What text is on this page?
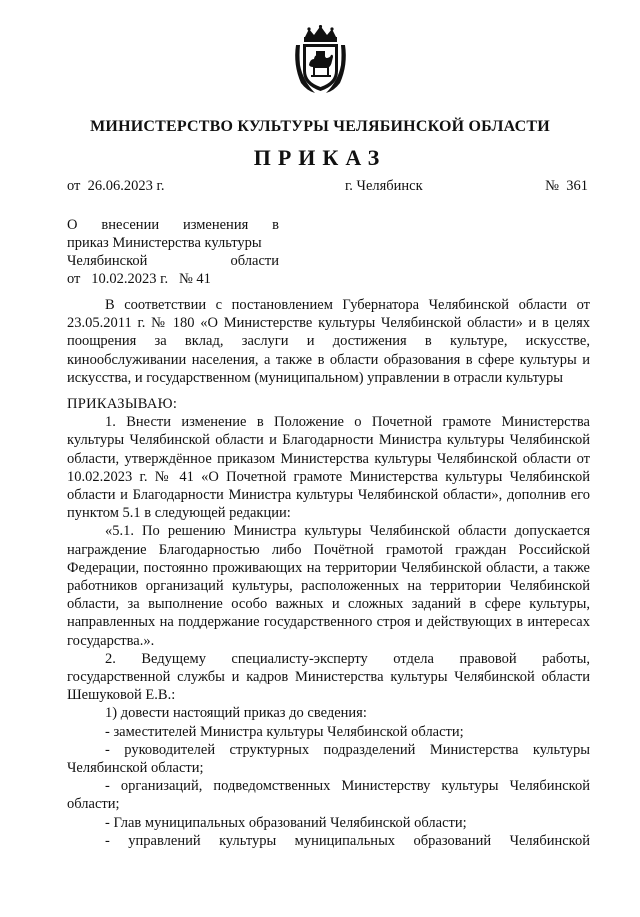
МИНИСТЕРСТВО КУЛЬТУРЫ ЧЕЛЯБИНСКОЙ ОБЛАСТИ
ПРИКАЗ
от  26.06.2023 г.	г. Челябинск	№  361
О внесении изменения в
приказ Министерства культуры
Челябинской	области
от   10.02.2023 г.   № 41

В соответствии с постановлением Губернатора Челябинской области от 23.05.2011 г. № 180 «О Министерстве культуры Челябинской области» и в целях поощрения за вклад, заслуги и достижения в культуре, искусстве, кинообслуживании населения, а также в области образования в сфере культуры и искусства, и государственном (муниципальном) управлении в отрасли культуры

ПРИКАЗЫВАЮ:

1. Внести изменение в Положение о Почетной грамоте Министерства культуры Челябинской области и Благодарности Министра культуры Челябинской области, утверждённое приказом Министерства культуры Челябинской области от 10.02.2023 г. № 41 «О Почетной грамоте Министерства культуры Челябинской области и Благодарности Министра культуры Челябинской области», дополнив его пунктом 5.1 в следующей редакции:

«5.1. По решению Министра культуры Челябинской области допускается награждение Благодарностью либо Почётной грамотой граждан Российской Федерации, постоянно проживающих на территории Челябинской области, а также работников организаций культуры, расположенных на территории Челябинской области, за выполнение особо важных и сложных заданий в сфере культуры, направленных на поддержание государственного строя и действующих в интересах государства.».

2.   Ведущему   специалисту-эксперту   отдела   правовой   работы, государственной службы и кадров Министерства культуры Челябинской области Шешуковой Е.В.:

1) довести настоящий приказ до сведения:

- заместителей Министра культуры Челябинской области;

- руководителей структурных подразделений Министерства культуры Челябинской области;

- организаций, подведомственных Министерству культуры Челябинской области;

- Глав муниципальных образований Челябинской области;

-  управлений  культуры  муниципальных  образований  Челябинской
